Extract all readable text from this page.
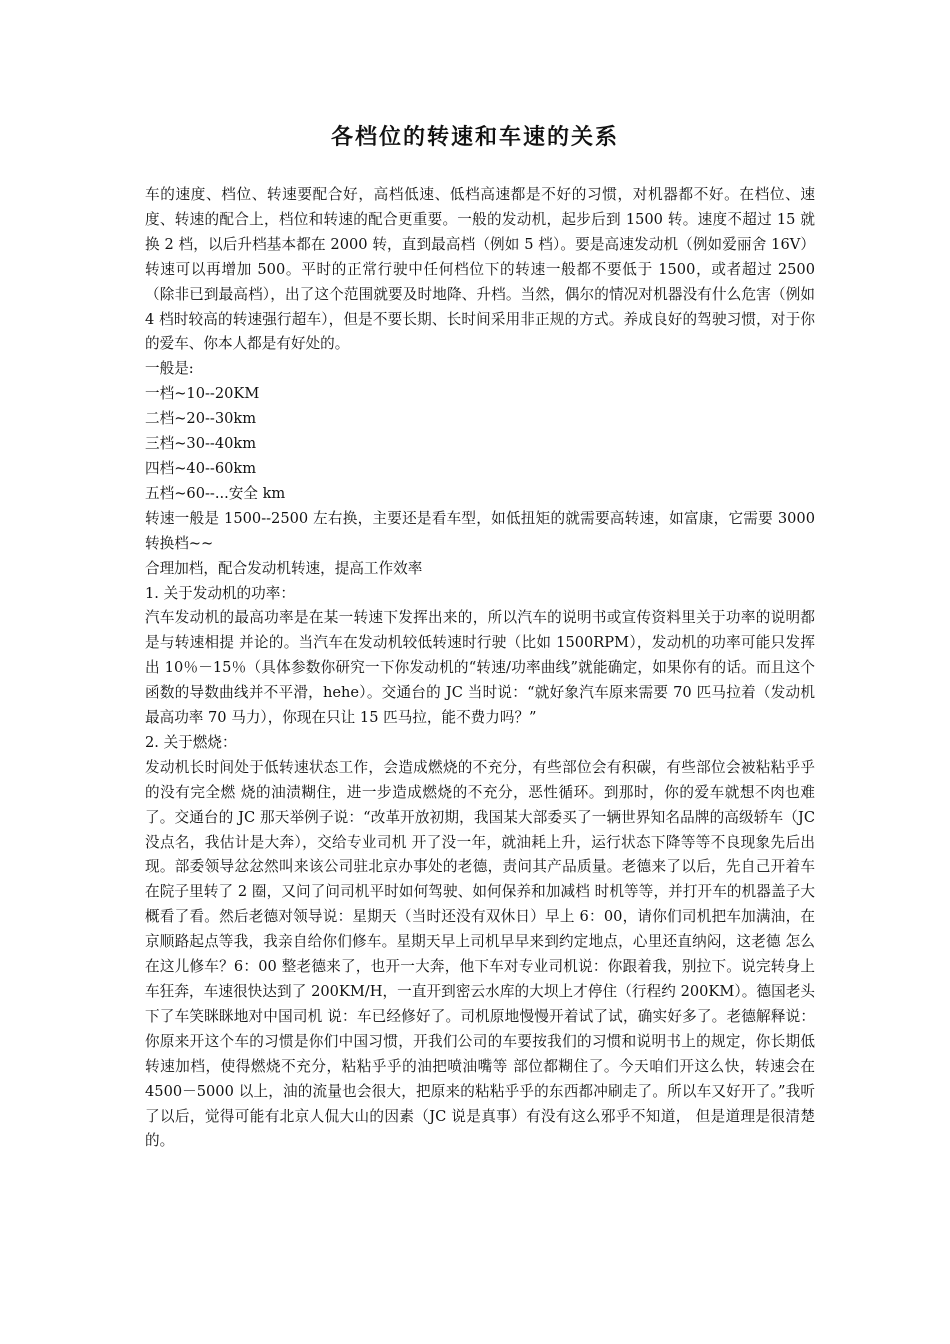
各档位的转速和车速的关系

车的速度、档位、转速要配合好，高档低速、低档高速都是不好的习惯，对机器都不好。在档位、速度、转速的配合上，档位和转速的配合更重要。一般的发动机，起步后到 1500 转。速度不超过 15 就换 2 档，以后升档基本都在 2000 转，直到最高档（例如 5 档）。要是高速发动机（例如爱丽舍 16V）转速可以再增加 500。平时的正常行驶中任何档位下的转速一般都不要低于 1500，或者超过 2500（除非已到最高档），出了这个范围就要及时地降、升档。当然，偶尔的情况对机器没有什么危害（例如 4 档时较高的转速强行超车），但是不要长期、长时间采用非正规的方式。养成良好的驾驶习惯，对于你的爱车、你本人都是有好处的。

一般是:

一档~10--20KM

二档~20--30km

三档~30--40km

四档~40--60km

五档~60--...安全 km

转速一般是 1500--2500 左右换，主要还是看车型，如低扭矩的就需要高转速，如富康，它需要 3000 转换档~~

合理加档，配合发动机转速，提高工作效率

1. 关于发动机的功率：

汽车发动机的最高功率是在某一转速下发挥出来的，所以汽车的说明书或宣传资料里关于功率的说明都是与转速相提 并论的。当汽车在发动机较低转速时行驶（比如 1500RPM），发动机的功率可能只发挥出 10％－15％（具体参数你研究一下你发动机的“转速/功率曲线”就能确定，如果你有的话。而且这个函数的导数曲线并不平滑，hehe）。交通台的 JC 当时说：“就好象汽车原来需要 70 匹马拉着（发动机最高功率 70 马力），你现在只让 15 匹马拉，能不费力吗？”

2. 关于燃烧：

发动机长时间处于低转速状态工作，会造成燃烧的不充分，有些部位会有积碳，有些部位会被粘粘乎乎的没有完全燃 烧的油渍糊住，进一步造成燃烧的不充分，恶性循环。到那时，你的爱车就想不肉也难了。交通台的 JC 那天举例子说：“改革开放初期，我国某大部委买了一辆世界知名品牌的高级轿车（JC 没点名，我估计是大奔），交给专业司机 开了没一年，就油耗上升，运行状态下降等等不良现象先后出现。部委领导忿忿然叫来该公司驻北京办事处的老德，责问其产品质量。老德来了以后，先自己开着车在院子里转了 2 圈，又问了问司机平时如何驾驶、如何保养和加减档 时机等等，并打开车的机器盖子大概看了看。然后老德对领导说：星期天（当时还没有双休日）早上 6：00，请你们司机把车加满油，在京顺路起点等我，我亲自给你们修车。星期天早上司机早早来到约定地点，心里还直纳闷，这老德 怎么在这儿修车？6：00 整老德来了，也开一大奔，他下车对专业司机说：你跟着我，别拉下。说完转身上车狂奔，车速很快达到了 200KM/H，一直开到密云水库的大坝上才停住（行程约 200KM）。德国老头下了车笑眯眯地对中国司机 说：车已经修好了。司机原地慢慢开着试了试，确实好多了。老德解释说：你原来开这个车的习惯是你们中国习惯，开我们公司的车要按我们的习惯和说明书上的规定，你长期低转速加档，使得燃烧不充分，粘粘乎乎的油把喷油嘴等 部位都糊住了。今天咱们开这么快，转速会在 4500－5000 以上，油的流量也会很大，把原来的粘粘乎乎的东西都冲刷走了。所以车又好开了。”我听了以后，觉得可能有北京人侃大山的因素（JC 说是真事）有没有这么邪乎不知道， 但是道理是很清楚的。
